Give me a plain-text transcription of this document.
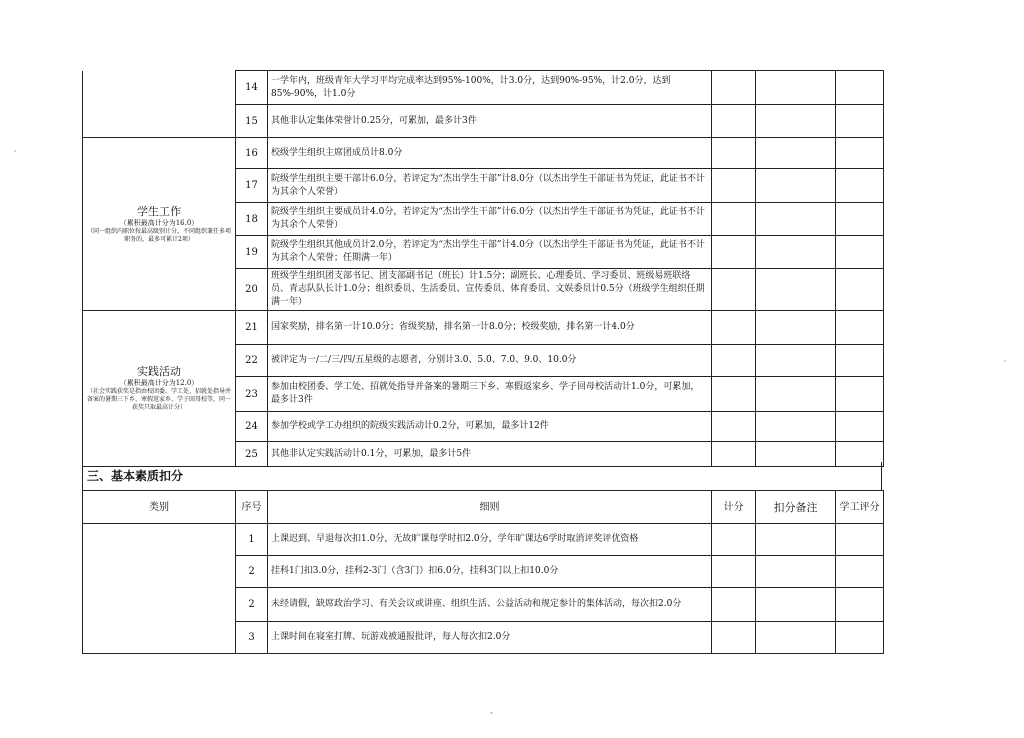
	14	一学年内，班级青年大学习平均完成率达到95%-100%，计3.0分，达到90%-95%，计2.0分，达到85%-90%，计1.0分			
	15	其他非认定集体荣誉计0.25分，可累加，最多计3件			

学生工作
（累积最高计分为16.0）
（同一组织内职位按最高级别计分，不同组织兼任多项职务的，最多可累计2项）	16	校级学生组织主席团成员计8.0分			
	17	院级学生组织主要干部计6.0分，若评定为“杰出学生干部”计8.0分（以杰出学生干部证书为凭证，此证书不计为其余个人荣誉）			
	18	院级学生组织主要成员计4.0分，若评定为“杰出学生干部”计6.0分（以杰出学生干部证书为凭证，此证书不计为其余个人荣誉）			
	19	院级学生组织其他成员计2.0分，若评定为“杰出学生干部”计4.0分（以杰出学生干部证书为凭证，此证书不计为其余个人荣誉；任期满一年）			
	20	班级学生组织团支部书记、团支部副书记（班长）计1.5分；副班长、心理委员、学习委员、班级易班联络员、青志队队长计1.0分；组织委员、生活委员、宣传委员、体育委员、文娱委员计0.5分（班级学生组织任期满一年）			

实践活动
（累积最高计分为12.0）
（社会实践获奖是指由校团委、学工处、招就处指导并备案的暑期三下乡、寒假返家乡、学子回母校等，同一获奖只取最高计分）	21	国家奖励，排名第一计10.0分；省级奖励，排名第一计8.0分；校级奖励，排名第一计4.0分			
	22	被评定为一/二/三/四/五星级的志愿者，分别计3.0、5.0、7.0、9.0、10.0分			
	23	参加由校团委、学工处、招就处指导并备案的暑期三下乡、寒假返家乡、学子回母校活动计1.0分，可累加，最多计3件			
	24	参加学校或学工办组织的院级实践活动计0.2分，可累加，最多计12件			
	25	其他非认定实践活动计0.1分，可累加，最多计5件			
三、基本素质扣分
类别	序号	细则	计分	扣分备注	学工评分
	1	上课迟到、早退每次扣1.0分，无故旷课每学时扣2.0分，学年旷课达6学时取消评奖评优资格			
	2	挂科1门扣3.0分，挂科2-3门（含3门）扣6.0分，挂科3门以上扣10.0分			
	2	未经请假，缺席政治学习、有关会议或讲座、组织生活、公益活动和规定参计的集体活动，每次扣2.0分			
	3	上课时间在寝室打牌、玩游戏被通报批评，每人每次扣2.0分			
